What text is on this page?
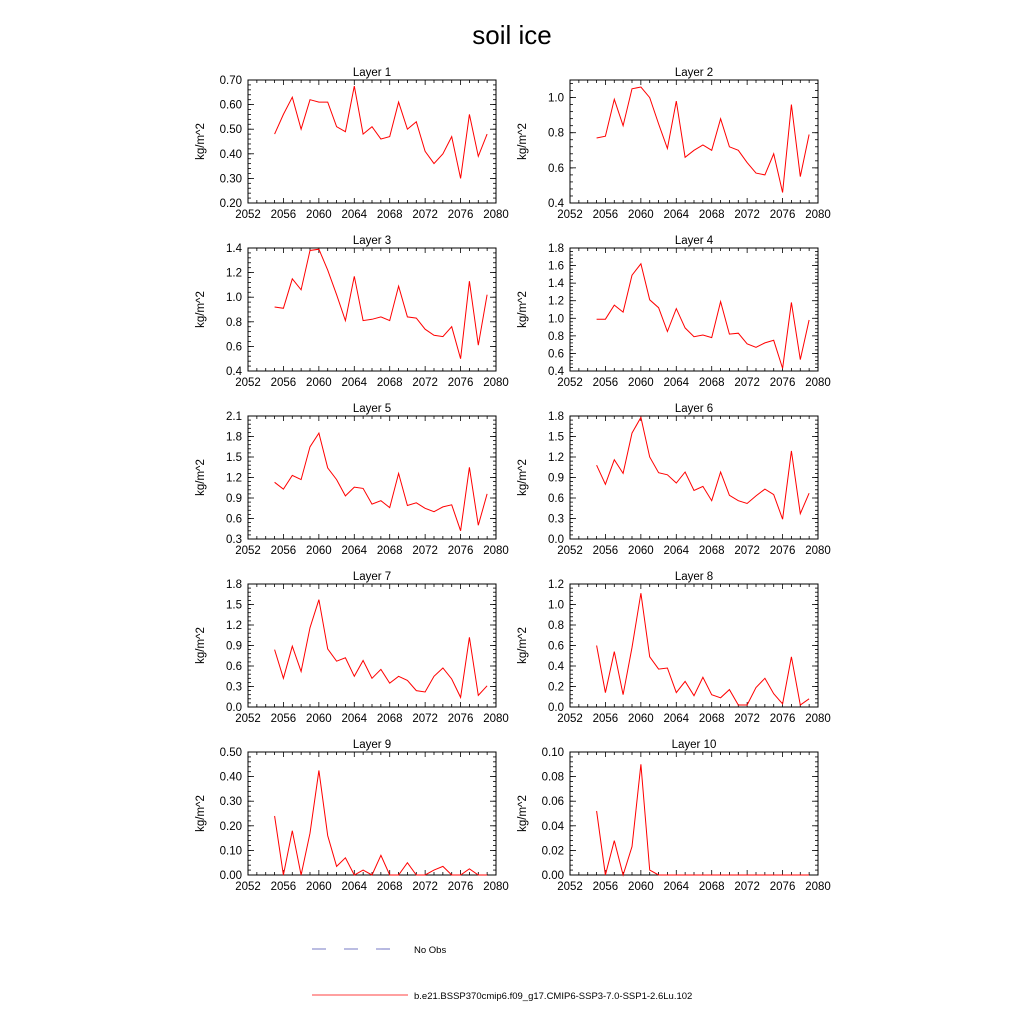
soil ice
Layer 1
kg/m^2
2052 2056 2060 2064 2068 2072 2076 2080
0.20
0.30
0.40
0.50
0.60
0.70
Layer 2
kg/m^2
2052 2056 2060 2064 2068 2072 2076 2080
0.4
0.6
0.8
1.0
Layer 3
kg/m^2
2052 2056 2060 2064 2068 2072 2076 2080
0.4
0.6
0.8
1.0
1.2
1.4
Layer 4
kg/m^2
2052 2056 2060 2064 2068 2072 2076 2080
0.4
0.6
0.8
1.0
1.2
1.4
1.6
1.8
Layer 5
kg/m^2
2052 2056 2060 2064 2068 2072 2076 2080
0.3
0.6
0.9
1.2
1.5
1.8
2.1
Layer 6
kg/m^2
2052 2056 2060 2064 2068 2072 2076 2080
0.0
0.3
0.6
0.9
1.2
1.5
1.8
Layer 7
kg/m^2
2052 2056 2060 2064 2068 2072 2076 2080
0.0
0.3
0.6
0.9
1.2
1.5
1.8
Layer 8
kg/m^2
2052 2056 2060 2064 2068 2072 2076 2080
0.0
0.2
0.4
0.6
0.8
1.0
1.2
Layer 9
kg/m^2
2052 2056 2060 2064 2068 2072 2076 2080
0.00
0.10
0.20
0.30
0.40
0.50
Layer 10
kg/m^2
2052 2056 2060 2064 2068 2072 2076 2080
0.00
0.02
0.04
0.06
0.08
0.10
No Obs
b.e21.BSSP370cmip6.f09_g17.CMIP6-SSP3-7.0-SSP1-2.6Lu.102
